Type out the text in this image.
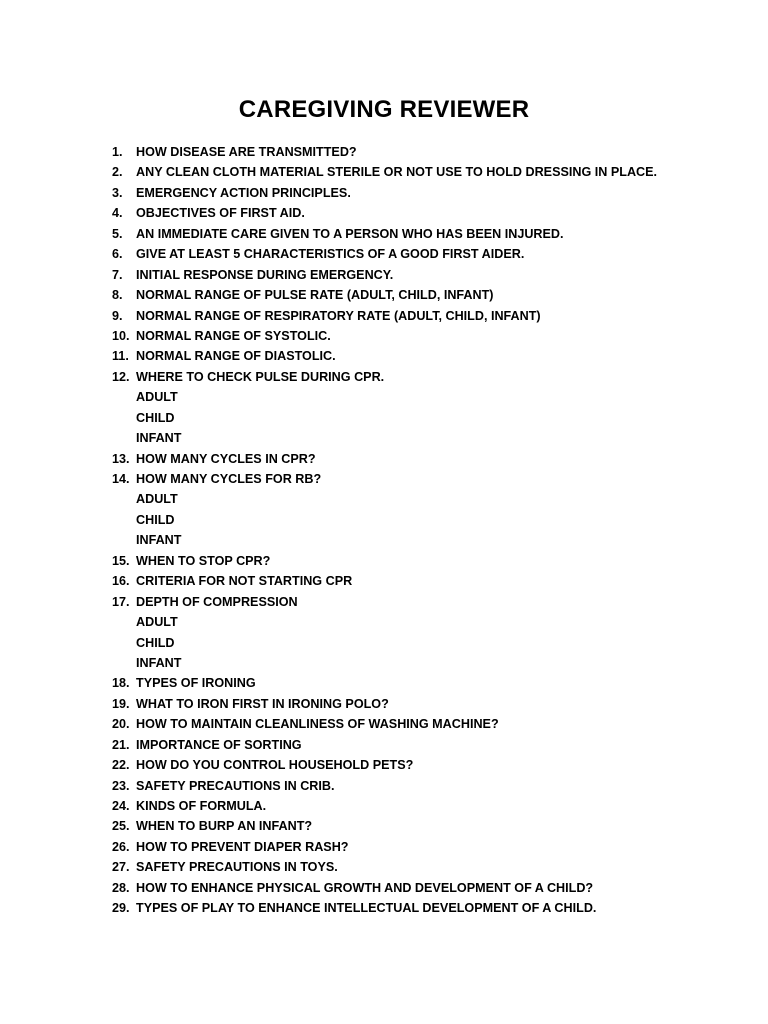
CAREGIVING REVIEWER
1. HOW DISEASE ARE TRANSMITTED?
2. ANY CLEAN CLOTH MATERIAL STERILE OR NOT USE TO HOLD DRESSING IN PLACE.
3. EMERGENCY ACTION PRINCIPLES.
4. OBJECTIVES OF FIRST AID.
5. AN IMMEDIATE CARE GIVEN TO A PERSON WHO HAS BEEN INJURED.
6. GIVE AT LEAST 5 CHARACTERISTICS OF A GOOD FIRST AIDER.
7. INITIAL RESPONSE DURING EMERGENCY.
8. NORMAL RANGE OF PULSE RATE (ADULT, CHILD, INFANT)
9. NORMAL RANGE OF RESPIRATORY RATE (ADULT, CHILD, INFANT)
10. NORMAL RANGE OF SYSTOLIC.
11. NORMAL RANGE OF DIASTOLIC.
12. WHERE TO CHECK PULSE DURING CPR.
ADULT
CHILD
INFANT
13. HOW MANY CYCLES IN CPR?
14. HOW MANY CYCLES FOR RB?
ADULT
CHILD
INFANT
15. WHEN TO STOP CPR?
16. CRITERIA FOR NOT STARTING CPR
17. DEPTH OF COMPRESSION
ADULT
CHILD
INFANT
18. TYPES OF IRONING
19. WHAT TO IRON FIRST IN IRONING POLO?
20. HOW TO MAINTAIN CLEANLINESS OF WASHING MACHINE?
21. IMPORTANCE OF SORTING
22. HOW DO YOU CONTROL HOUSEHOLD PETS?
23. SAFETY PRECAUTIONS IN CRIB.
24. KINDS OF FORMULA.
25. WHEN TO BURP AN INFANT?
26. HOW TO PREVENT DIAPER RASH?
27. SAFETY PRECAUTIONS IN TOYS.
28. HOW TO ENHANCE PHYSICAL GROWTH AND DEVELOPMENT OF A CHILD?
29. TYPES OF PLAY TO ENHANCE INTELLECTUAL DEVELOPMENT OF A CHILD.
